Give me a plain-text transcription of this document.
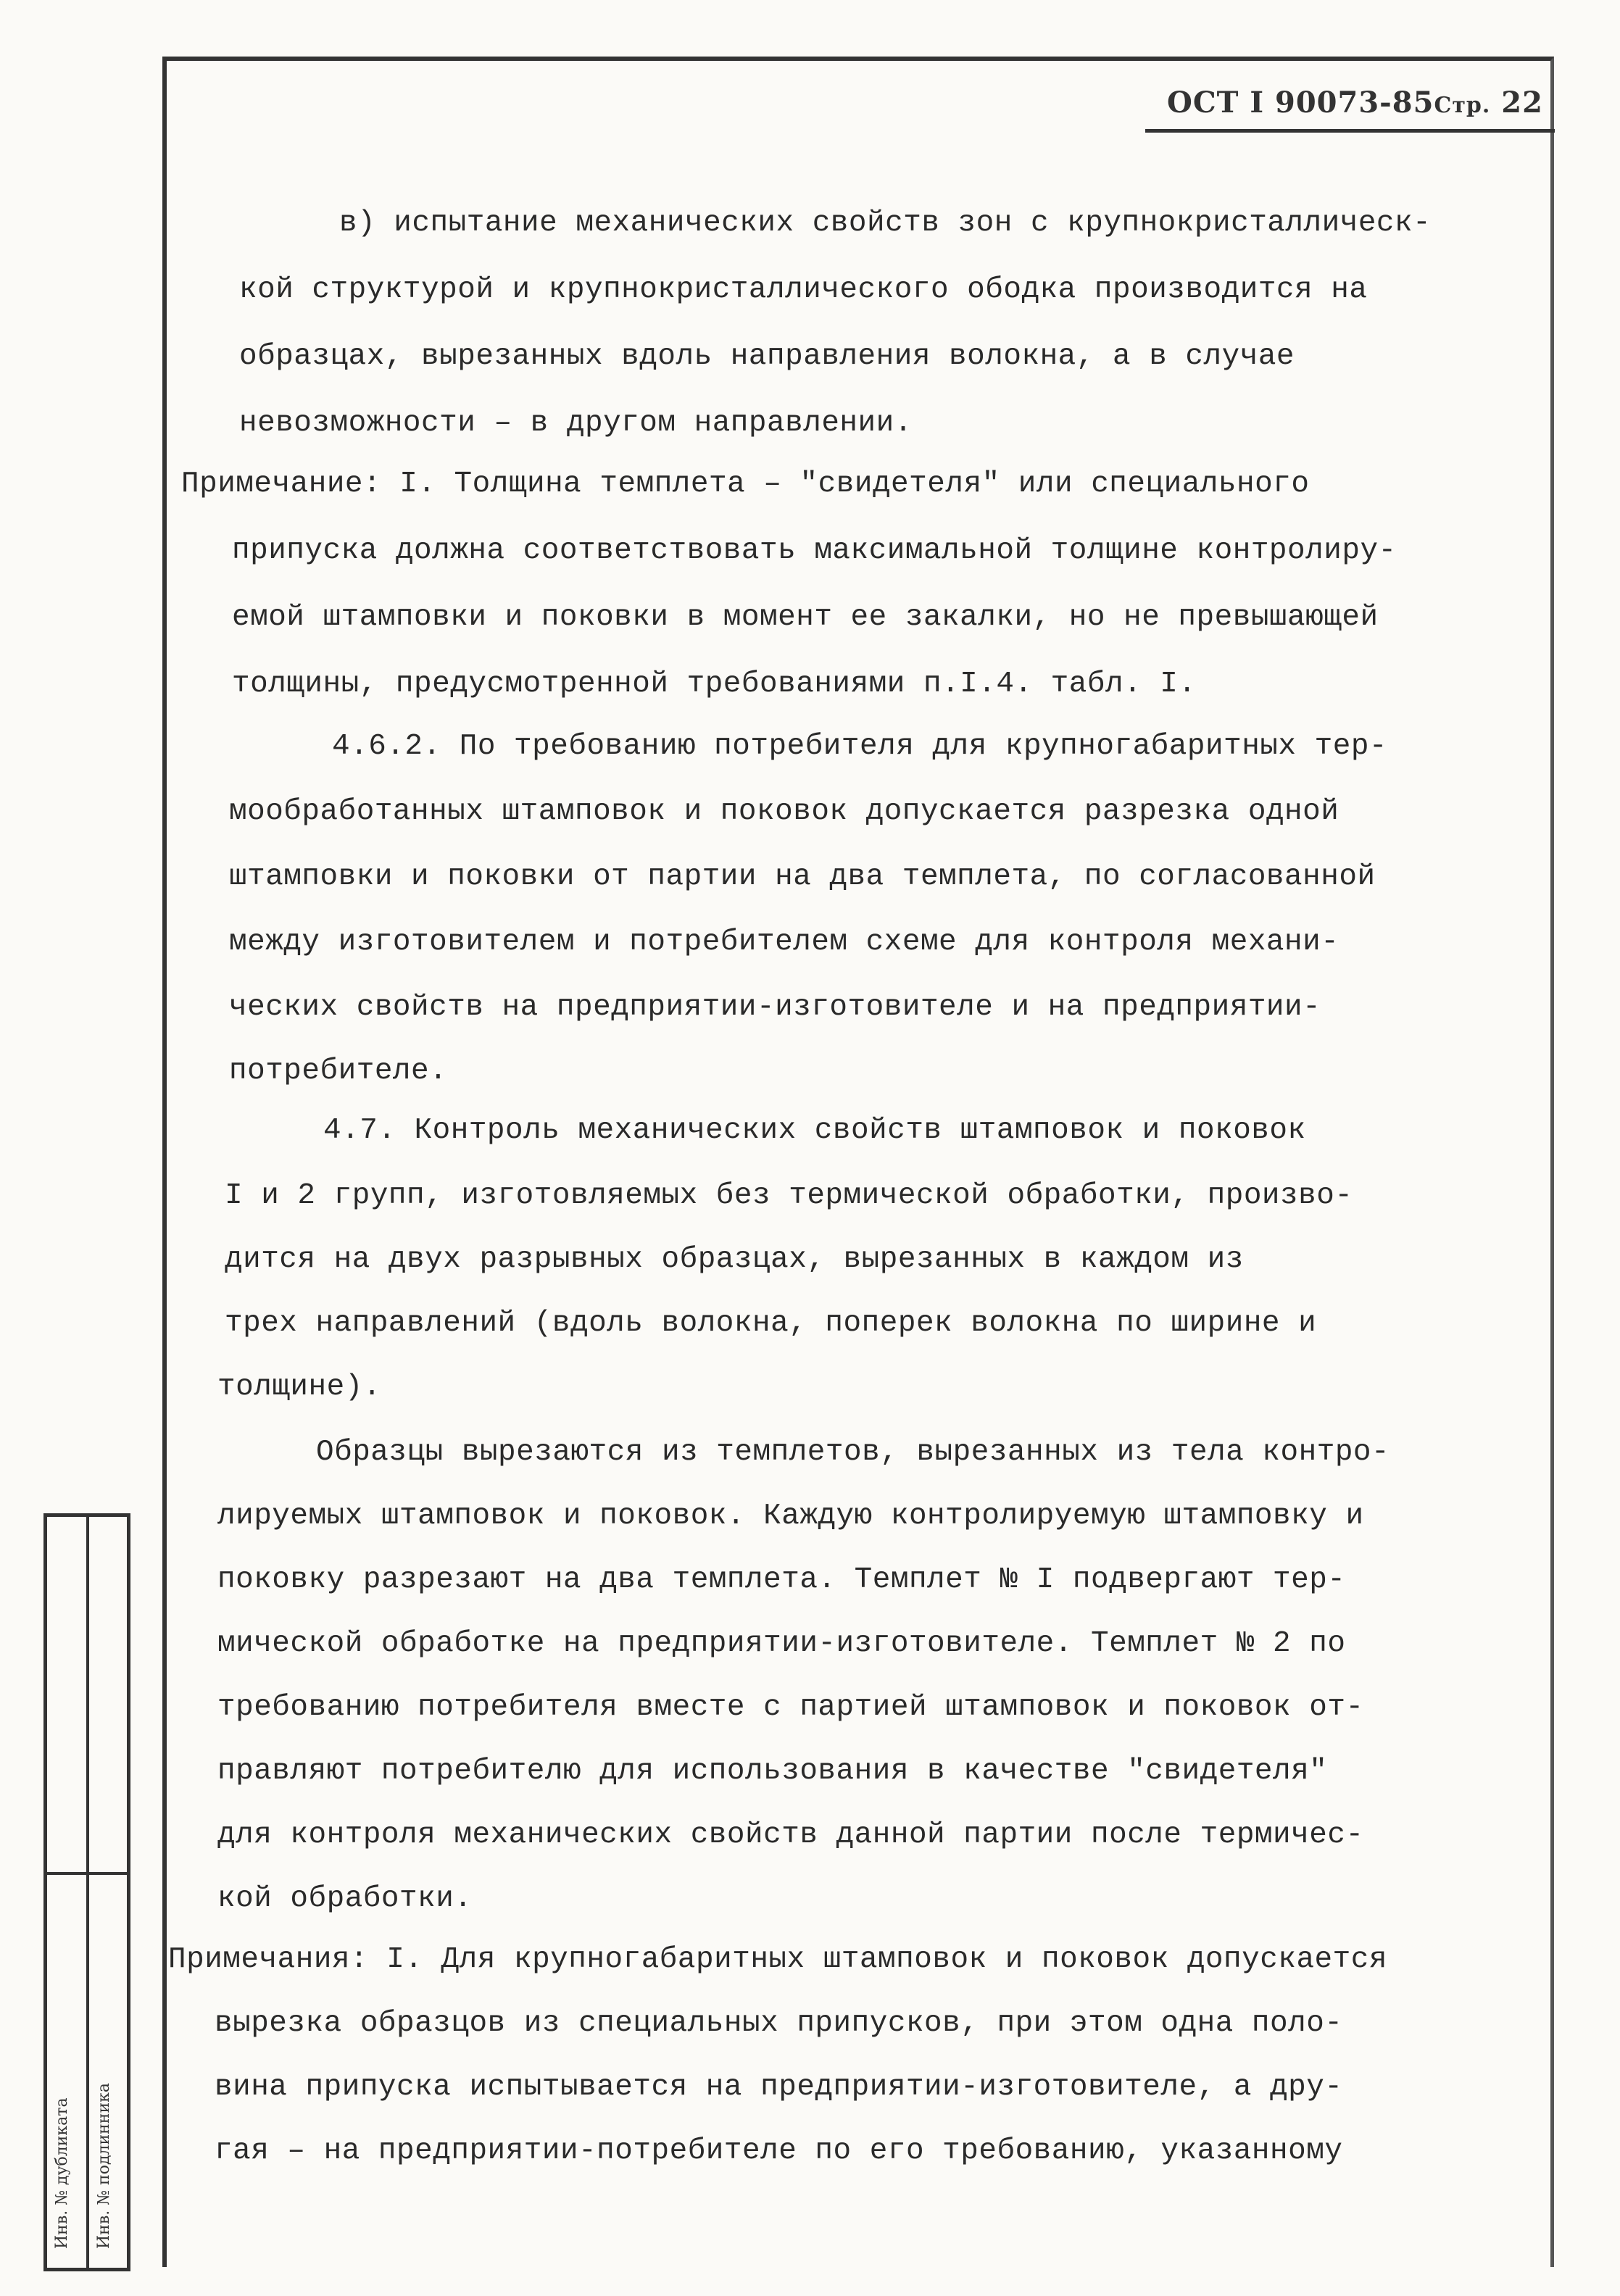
ОСТ I 90073-85Стр. 22
Инв. № дубликата Инв. № подлинника
в) испытание механических свойств зон с крупнокристаллическ-
кой структурой и крупнокристаллического ободка производится на
образцах, вырезанных вдоль направления волокна, а в случае
невозможности – в другом направлении.
Примечание: I. Толщина темплета – "свидетеля" или специального
припуска должна соответствовать максимальной толщине контролиру-
емой штамповки и поковки в момент ее закалки, но не превышающей
толщины, предусмотренной требованиями п.I.4. табл. I.
4.6.2. По требованию потребителя для крупногабаритных тер-
мообработанных штамповок и поковок допускается разрезка одной
штамповки и поковки от партии на два темплета, по согласованной
между изготовителем и потребителем схеме для контроля механи-
ческих свойств на предприятии-изготовителе и на предприятии-
потребителе.
4.7. Контроль механических свойств штамповок и поковок
I и 2 групп, изготовляемых без термической обработки, произво-
дится на двух разрывных образцах, вырезанных в каждом из
трех направлений (вдоль волокна, поперек волокна по ширине и
толщине).
Образцы вырезаются из темплетов, вырезанных из тела контро-
лируемых штамповок и поковок. Каждую контролируемую штамповку и
поковку разрезают на два темплета. Темплет № I подвергают тер-
мической обработке на предприятии-изготовителе. Темплет № 2 по
требованию потребителя вместе с партией штамповок и поковок от-
правляют потребителю для использования в качестве "свидетеля"
для контроля механических свойств данной партии после термичес-
кой обработки.
Примечания: I. Для крупногабаритных штамповок и поковок допускается
вырезка образцов из специальных припусков, при этом одна поло-
вина припуска испытывается на предприятии-изготовителе, а дру-
гая – на предприятии-потребителе по его требованию, указанному
